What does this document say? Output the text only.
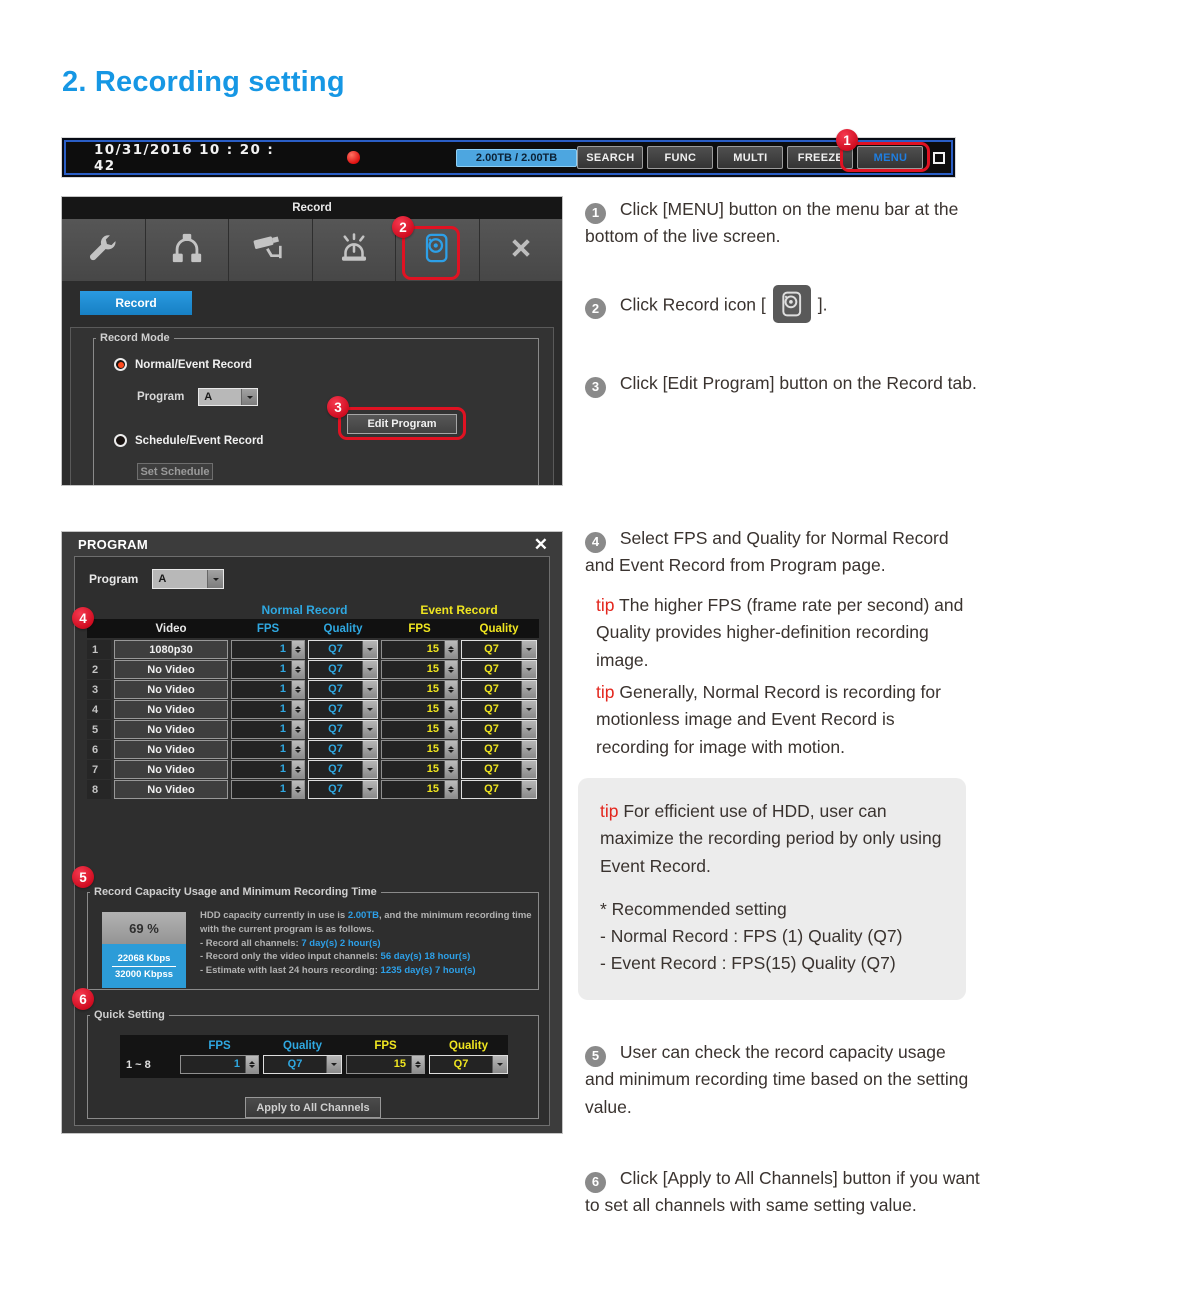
2. Recording setting
10/31/2016 10 : 20 : 42	2.00TB / 2.00TB	SEARCH	FUNC	MULTI	FREEZE	MENU
1
Record
Record
Record Mode
Normal/Event Record
Program	A
Edit Program
Schedule/Event Record
Set Schedule
3
2
PROGRAM	✕
Program	A
Normal Record	Event Record
Video	FPS	Quality	FPS	Quality
1	1080p30	1	Q7	15	Q7
2	No Video	1	Q7	15	Q7
3	No Video	1	Q7	15	Q7
4	No Video	1	Q7	15	Q7
5	No Video	1	Q7	15	Q7
6	No Video	1	Q7	15	Q7
7	No Video	1	Q7	15	Q7
8	No Video	1	Q7	15	Q7
Record Capacity Usage and Minimum Recording Time
69 %
22068 Kbps
32000 Kbpss
HDD capacity currently in use is 2.00TB, and the minimum recording time with the current program is as follows.
- Record all channels: 7 day(s) 2 hour(s)
- Record only the video input channels: 56 day(s) 18 hour(s)
- Estimate with last 24 hours recording: 1235 day(s) 7 hour(s)
Quick Setting
FPS	Quality	FPS	Quality
1 ~ 8	1	Q7	15	Q7
Apply to All Channels
4
5
6
1 Click [MENU] button on the menu bar at the bottom of the live screen.
2 Click Record icon [	].
3 Click [Edit Program] button on the Record tab.
4 Select FPS and Quality for Normal Record and Event Record from Program page.
tip The higher FPS (frame rate per second) and Quality provides higher-definition recording image.
tip Generally, Normal Record is recording for motionless image and Event Record is recording for image with motion.

tip For efficient use of HDD, user can maximize the recording period by only using Event Record.

* Recommended setting

- Normal Record : FPS (1) Quality (Q7)

- Event Record : FPS(15) Quality (Q7)

5 User can check the record capacity usage and minimum recording time based on the setting value.
6 Click [Apply to All Channels] button if you want to set all channels with same setting value.
